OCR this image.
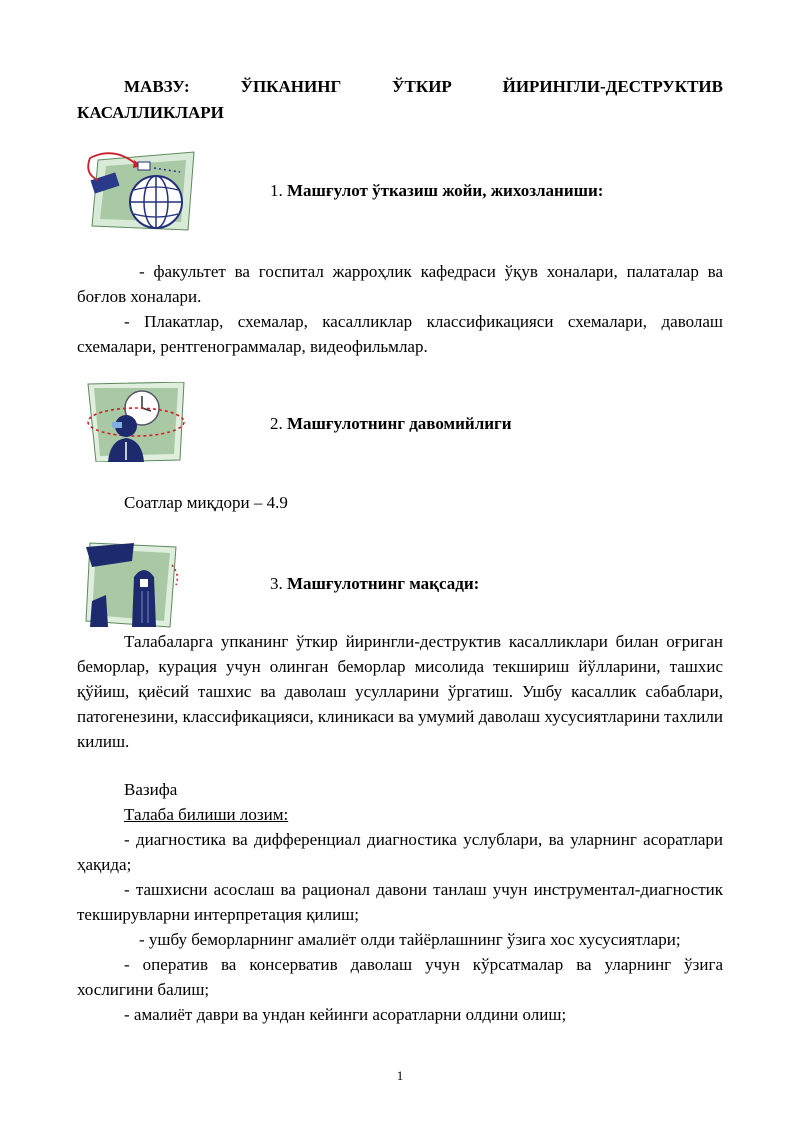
МАВЗУ: ЎПКАНИНГ ЎТКИР ЙИРИНГЛИ-ДЕСТРУКТИВ
КАСАЛЛИКЛАРИ
1. Машғулот ўтказиш жойи, жихозланиши:

- факультет ва госпитал жарроҳлик кафедраси ўқув хоналари, палаталар ва боғлов хоналари.

- Плакатлар, схемалар, касалликлар классификацияси схемалари, даволаш схемалари, рентгенограммалар, видеофильмлар.

2. Машғулотнинг давомийлиги

Соатлар миқдори – 4.9

3. Машғулотнинг мақсади:

Талабаларга упканинг ўткир йирингли-деструктив касалликлари билан оғриган беморлар, курация учун олинган беморлар мисолида текшириш йўлларини, ташхис қўйиш, қиёсий ташхис ва даволаш усулларини ўргатиш. Ушбу касаллик сабаблари, патогенезини, классификацияси, клиникаси ва умумий даволаш хусусиятларини тахлили килиш.

Вазифа

Талаба билиши лозим:

- диагностика ва дифференциал диагностика услублари, ва уларнинг асоратлари ҳақида;

- ташхисни асослаш ва рационал давони танлаш учун инструментал-диагностик текширувларни интерпретация қилиш;

- ушбу беморларнинг амалиёт олди тайёрлашнинг ўзига хос хусусиятлари;

- оператив ва консерватив даволаш учун кўрсатмалар ва уларнинг ўзига хослигини балиш;

- амалиёт даври ва ундан кейинги асоратларни олдини олиш;

1
